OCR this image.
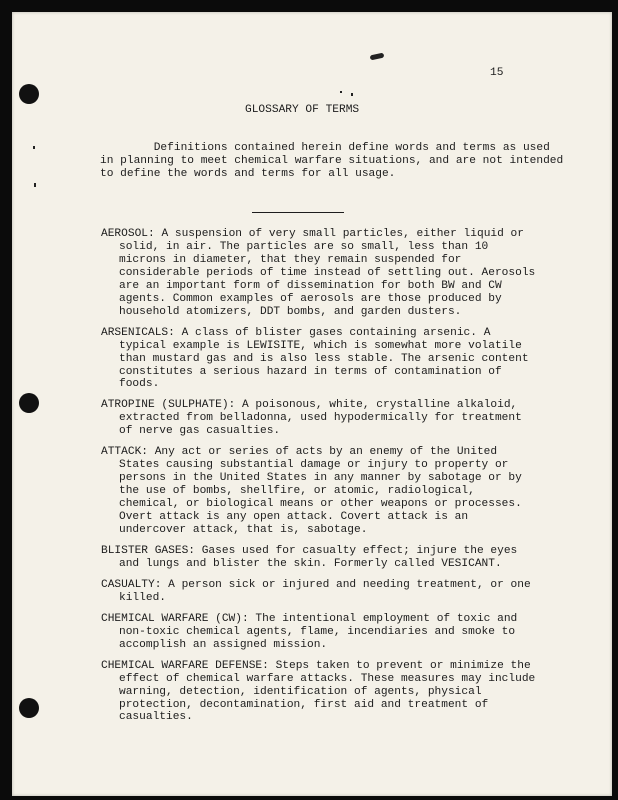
15
GLOSSARY OF TERMS
Definitions contained herein define words and terms as used
in planning to meet chemical warfare situations, and are not intended
to define the words and terms for all usage.
AEROSOL: A suspension of very small particles, either liquid or solid, in air. The particles are so small, less than 10 microns in diameter, that they remain suspended for considerable periods of time instead of settling out. Aerosols are an important form of dissemination for both BW and CW agents. Common examples of aerosols are those produced by household atomizers, DDT bombs, and garden dusters.
ARSENICALS: A class of blister gases containing arsenic. A typical example is LEWISITE, which is somewhat more volatile than mustard gas and is also less stable. The arsenic content constitutes a serious hazard in terms of contamination of foods.
ATROPINE (SULPHATE): A poisonous, white, crystalline alkaloid, extracted from belladonna, used hypodermically for treatment of nerve gas casualties.
ATTACK: Any act or series of acts by an enemy of the United States causing substantial damage or injury to property or persons in the United States in any manner by sabotage or by the use of bombs, shellfire, or atomic, radiological, chemical, or biological means or other weapons or processes. Overt attack is any open attack. Covert attack is an undercover attack, that is, sabotage.
BLISTER GASES: Gases used for casualty effect; injure the eyes and lungs and blister the skin. Formerly called VESICANT.
CASUALTY: A person sick or injured and needing treatment, or one killed.
CHEMICAL WARFARE (CW): The intentional employment of toxic and non-toxic chemical agents, flame, incendiaries and smoke to accomplish an assigned mission.
CHEMICAL WARFARE DEFENSE: Steps taken to prevent or minimize the effect of chemical warfare attacks. These measures may include warning, detection, identification of agents, physical protection, decontamination, first aid and treatment of casualties.
